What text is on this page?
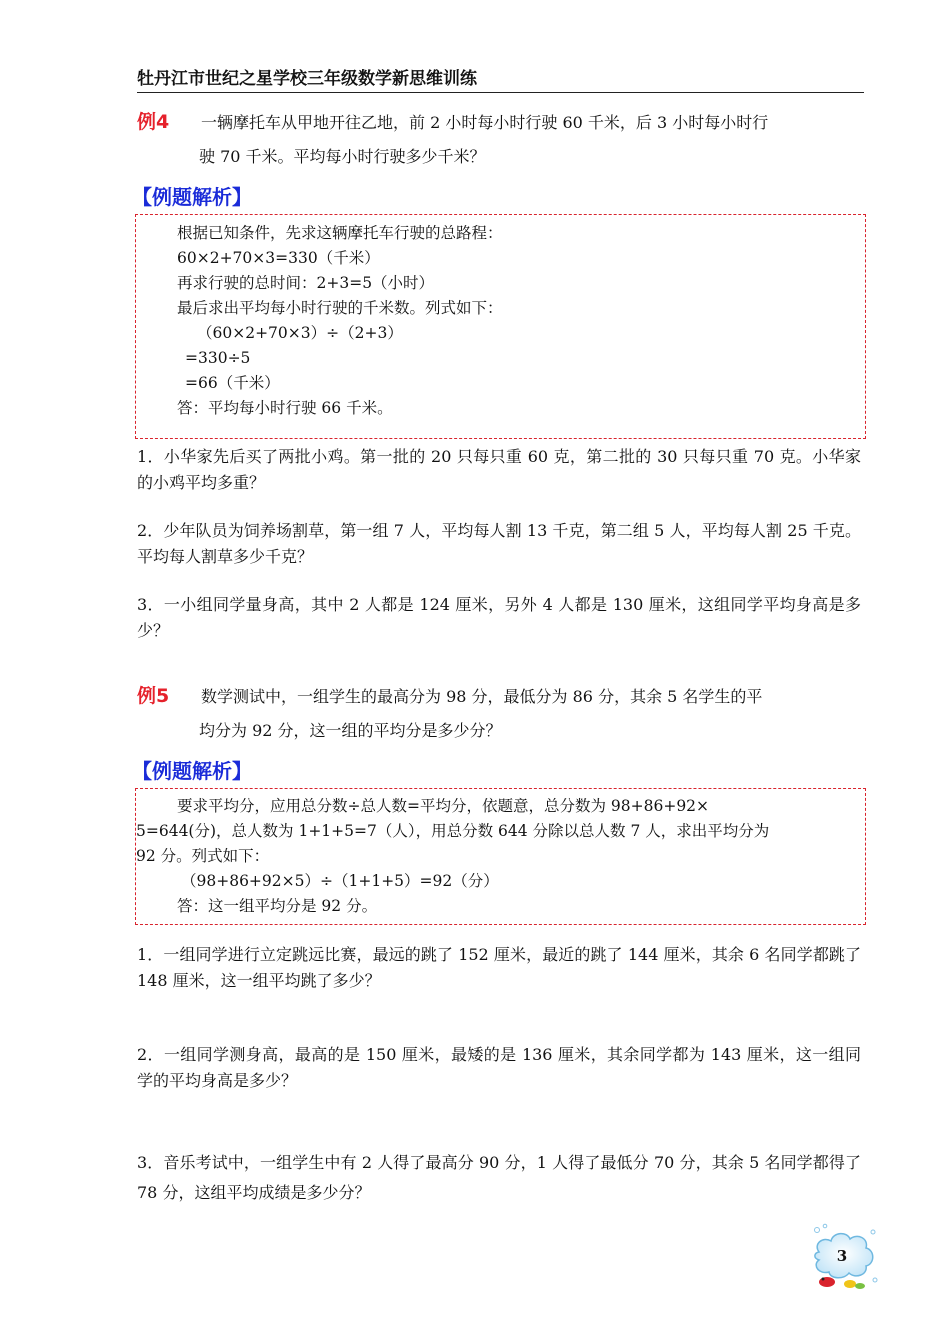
牡丹江市世纪之星学校三年级数学新思维训练
例4 一辆摩托车从甲地开往乙地，前 2 小时每小时行驶 60 千米，后 3 小时每小时行
驶 70 千米。平均每小时行驶多少千米？
【例题解析】

根据已知条件，先求这辆摩托车行驶的总路程：

60×2+70×3=330（千米）

再求行驶的总时间：2+3=5（小时）

最后求出平均每小时行驶的千米数。列式如下：

（60×2+70×3）÷（2+3）

=330÷5

=66（千米）

答：平均每小时行驶 66 千米。

1．小华家先后买了两批小鸡。第一批的 20 只每只重 60 克，第二批的 30 只每只重 70 克。小华家的小鸡平均多重？
2．少年队员为饲养场割草，第一组 7 人，平均每人割 13 千克，第二组 5 人，平均每人割 25 千克。平均每人割草多少千克？
3．一小组同学量身高，其中 2 人都是 124 厘米，另外 4 人都是 130 厘米，这组同学平均身高是多少？
例5 数学测试中，一组学生的最高分为 98 分，最低分为 86 分，其余 5 名学生的平
均分为 92 分，这一组的平均分是多少分？
【例题解析】

要求平均分，应用总分数÷总人数=平均分，依题意，总分数为 98+86+92×

5=644(分)，总人数为 1+1+5=7（人），用总分数 644 分除以总人数 7 人，求出平均分为

92 分。列式如下：

（98+86+92×5）÷（1+1+5）=92（分）

答：这一组平均分是 92 分。

1．一组同学进行立定跳远比赛，最远的跳了 152 厘米，最近的跳了 144 厘米，其余 6 名同学都跳了 148 厘米，这一组平均跳了多少？
2．一组同学测身高，最高的是 150 厘米，最矮的是 136 厘米，其余同学都为 143 厘米，这一组同学的平均身高是多少？
3．音乐考试中，一组学生中有 2 人得了最高分 90 分，1 人得了最低分 70 分，其余 5 名同学都得了 78 分，这组平均成绩是多少分？
3
